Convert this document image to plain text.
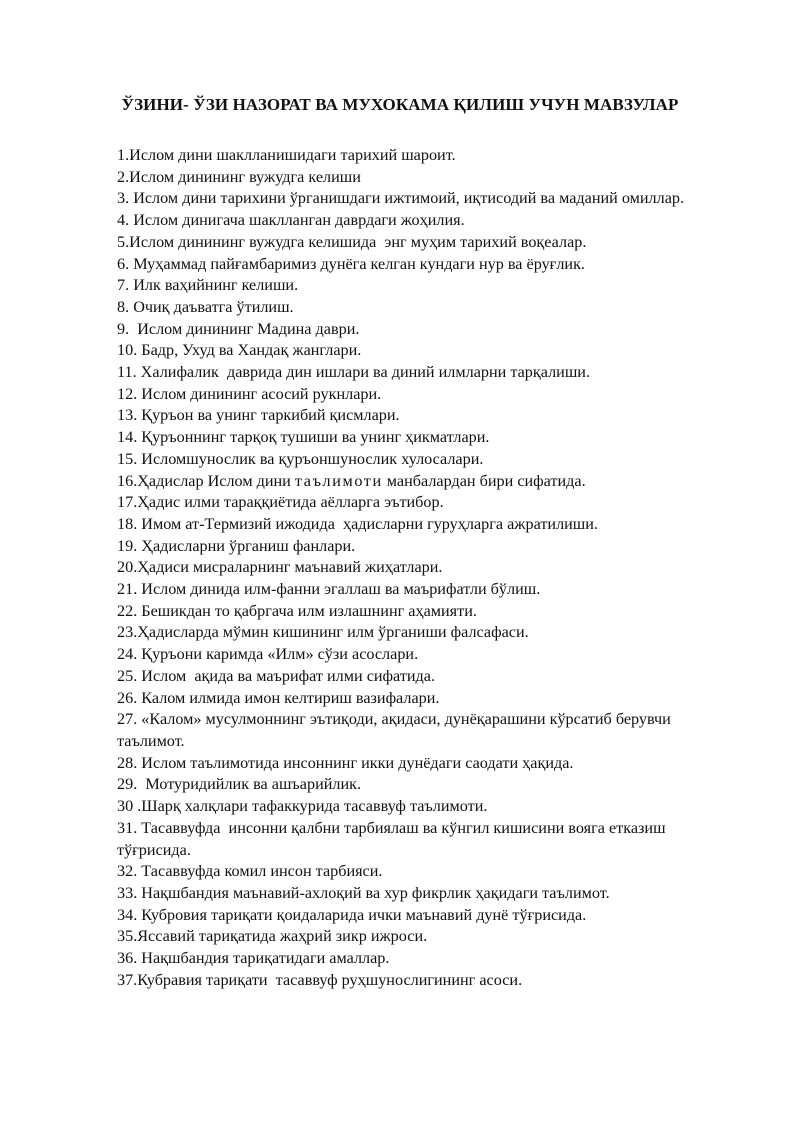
ЎЗИНИ- ЎЗИ НАЗОРАТ ВА МУХОКАМА ҚИЛИШ УЧУН МАВЗУЛАР
1.Ислом дини шаклланишидаги тарихий шароит.
2.Ислом динининг вужудга келиши
3. Ислом дини тарихини ўрганишдаги ижтимоий, иқтисодий ва маданий омиллар.
4. Ислом динигача шаклланган даврдаги жоҳилия.
5.Ислом динининг вужудга келишида  энг муҳим тарихий воқеалар.
6. Муҳаммад пайғамбаримиз дунёга келган кундаги нур ва ёруғлик.
7. Илк ваҳийнинг келиши.
8. Очиқ даъватга ўтилиш.
9.  Ислом динининг Мадина даври.
10. Бадр, Ухуд ва Хандақ жанглари.
11. Халифалик  даврида дин ишлари ва диний илмларни тарқалиши.
12. Ислом динининг асосий рукнлари.
13. Қуръон ва унинг таркибий қисмлари.
14. Қуръоннинг тарқоқ тушиши ва унинг ҳикматлари.
15. Исломшунослик ва қуръоншунослик хулосалари.
16.Ҳадислар Ислом дини таълимоти манбалардан бири сифатида.
17.Ҳадис илми тараққиётида аёлларга эътибор.
18. Имом ат-Термизий ижодида  ҳадисларни гуруҳларга ажратилиши.
19. Ҳадисларни ўрганиш фанлари.
20.Ҳадиси мисраларнинг маънавий жиҳатлари.
21. Ислом динида илм-фанни эгаллаш ва маърифатли бўлиш.
22. Бешикдан то қабргача илм излашнинг аҳамияти.
23.Ҳадисларда мўмин кишининг илм ўрганиши фалсафаси.
24. Қуръони каримда «Илм» сўзи асослари.
25. Ислом  ақида ва маърифат илми сифатида.
26. Калом илмида имон келтириш вазифалари.
27. «Калом» мусулмоннинг эътиқоди, ақидаси, дунёқарашини кўрсатиб берувчи таълимот.
28. Ислом таълимотида инсоннинг икки дунёдаги саодати ҳақида.
29.  Мотуридийлик ва ашъарийлик.
30 .Шарқ халқлари тафаккурида тасаввуф таълимоти.
31. Тасаввуфда  инсонни қалбни тарбиялаш ва кўнгил кишисини вояга етказиш тўғрисида.
32. Тасаввуфда комил инсон тарбияси.
33. Нақшбандия маънавий-ахлоқий ва хур фикрлик ҳақидаги таълимот.
34. Кубровия тариқати қоидаларида ички маънавий дунё тўғрисида.
35.Яссавий тариқатида жаҳрий зикр ижроси.
36. Нақшбандия тариқатидаги амаллар.
37.Кубравия тариқати  тасаввуф руҳшунослигининг асоси.
